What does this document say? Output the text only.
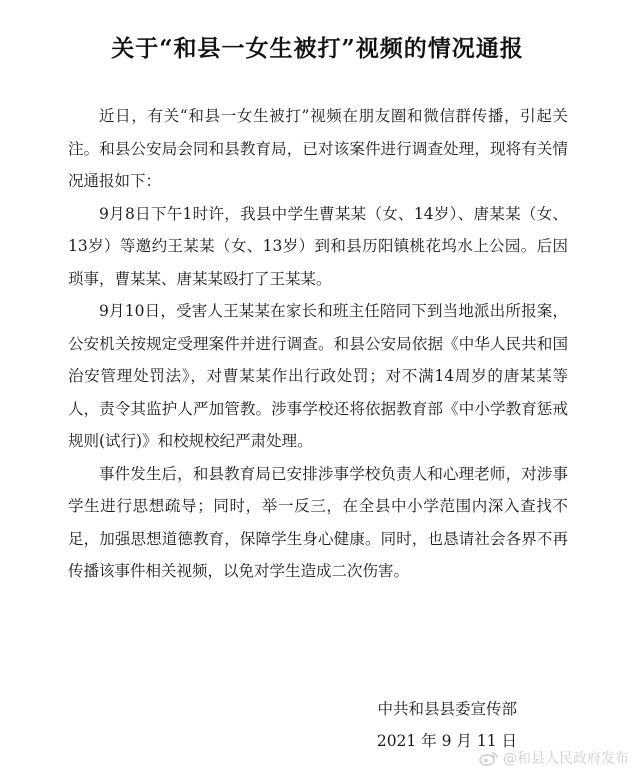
关于“和县一女生被打”视频的情况通报

近日，有关“和县一女生被打”视频在朋友圈和微信群传播，引起关注。和县公安局会同和县教育局，已对该案件进行调查处理，现将有关情况通报如下：

9月8日下午1时许，我县中学生曹某某（女、14岁）、唐某某（女、13岁）等邀约王某某（女、13岁）到和县历阳镇桃花坞水上公园。后因琐事，曹某某、唐某某殴打了王某某。

9月10日，受害人王某某在家长和班主任陪同下到当地派出所报案，公安机关按规定受理案件并进行调查。和县公安局依据《中华人民共和国治安管理处罚法》，对曹某某作出行政处罚；对不满14周岁的唐某某等人，责令其监护人严加管教。涉事学校还将依据教育部《中小学教育惩戒规则(试行)》和校规校纪严肃处理。

事件发生后，和县教育局已安排涉事学校负责人和心理老师，对涉事学生进行思想疏导；同时，举一反三，在全县中小学范围内深入查找不足，加强思想道德教育，保障学生身心健康。同时，也恳请社会各界不再传播该事件相关视频，以免对学生造成二次伤害。

中共和县县委宣传部
2021 年 9 月 11 日
@和县人民政府发布
